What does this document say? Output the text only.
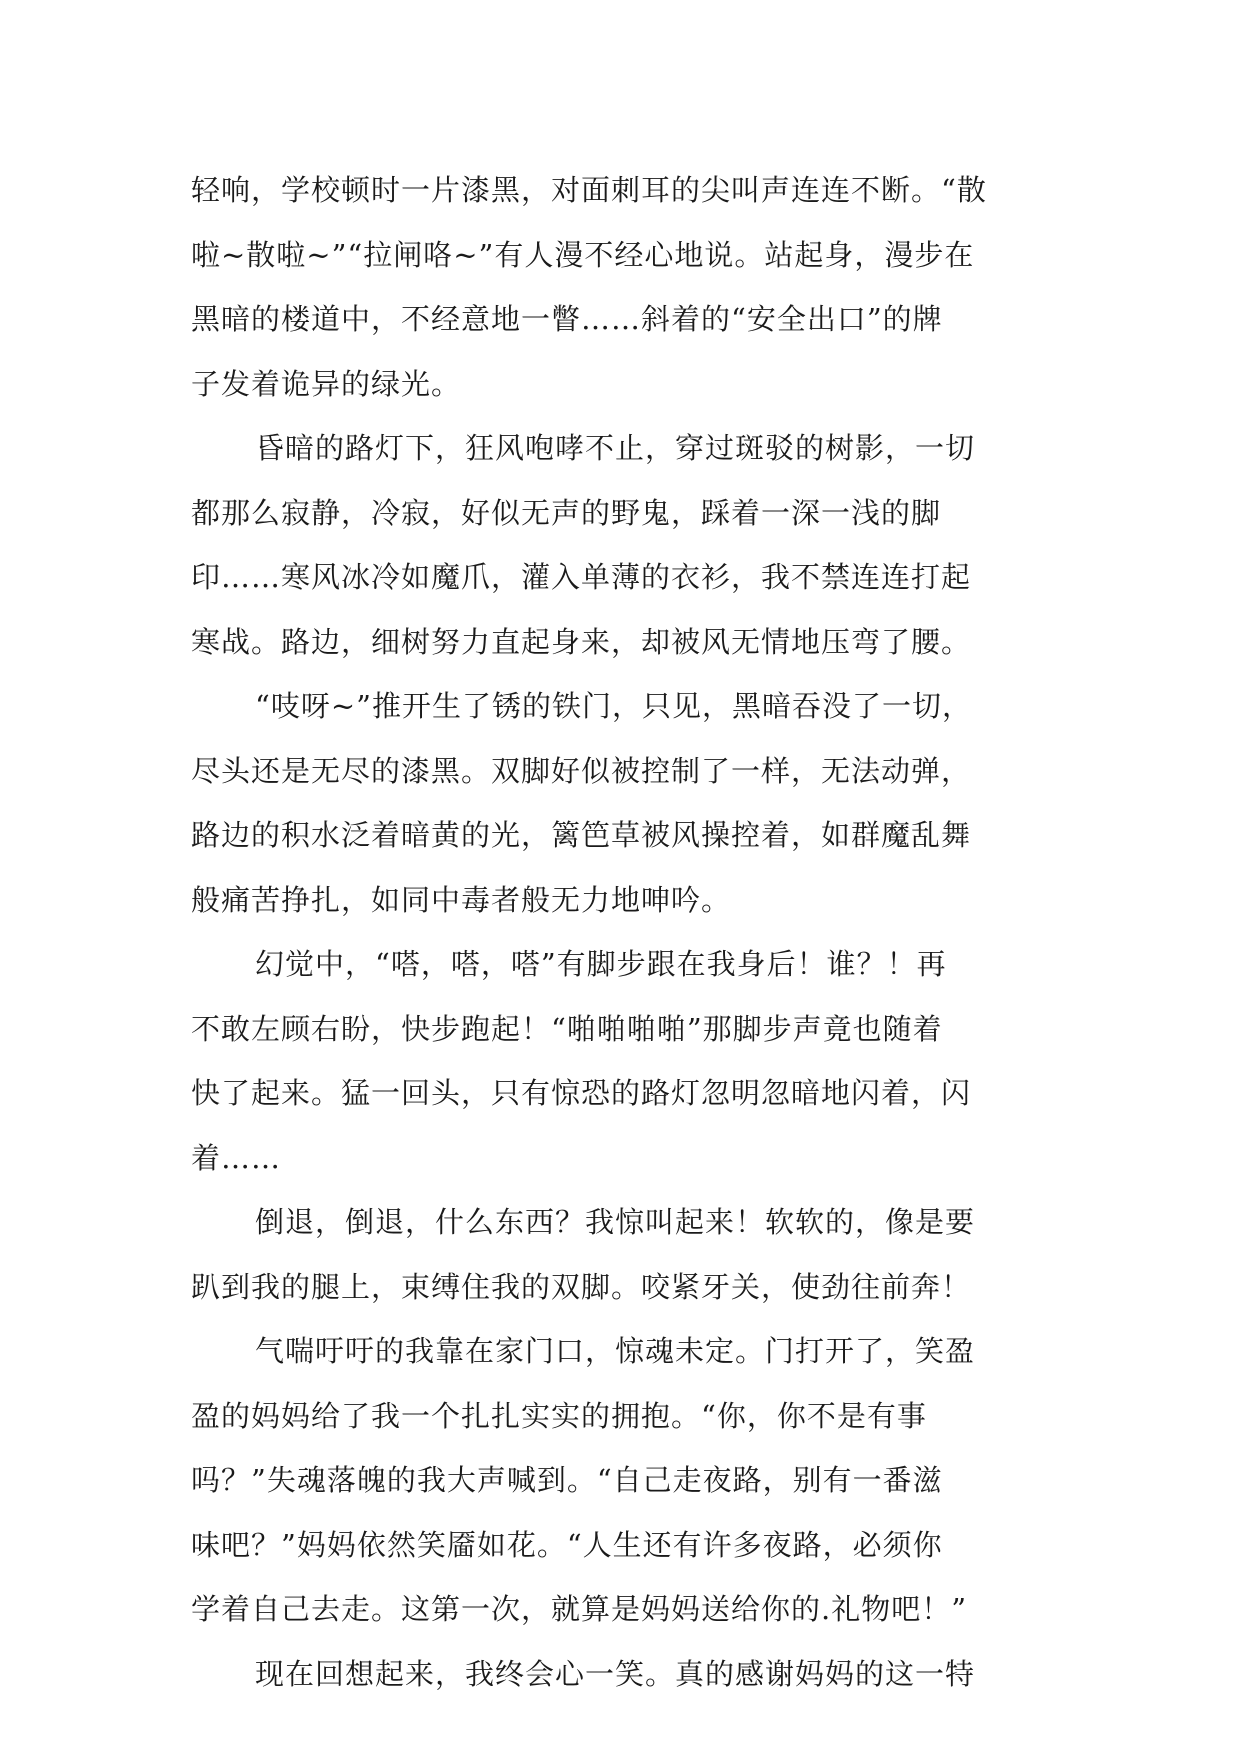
轻响，学校顿时一片漆黑，对面刺耳的尖叫声连连不断。“散
啦~散啦~”“拉闸咯~”有人漫不经心地说。站起身，漫步在
黑暗的楼道中，不经意地一瞥……斜着的“安全出口”的牌
子发着诡异的绿光。
昏暗的路灯下，狂风咆哮不止，穿过斑驳的树影，一切
都那么寂静，冷寂，好似无声的野鬼，踩着一深一浅的脚
印……寒风冰冷如魔爪，灌入单薄的衣衫，我不禁连连打起
寒战。路边，细树努力直起身来，却被风无情地压弯了腰。
“吱呀~”推开生了锈的铁门，只见，黑暗吞没了一切，
尽头还是无尽的漆黑。双脚好似被控制了一样，无法动弹，
路边的积水泛着暗黄的光，篱笆草被风操控着，如群魔乱舞
般痛苦挣扎，如同中毒者般无力地呻吟。
幻觉中，“嗒，嗒，嗒”有脚步跟在我身后！谁？！再
不敢左顾右盼，快步跑起！“啪啪啪啪”那脚步声竟也随着
快了起来。猛一回头，只有惊恐的路灯忽明忽暗地闪着，闪
着……
倒退，倒退，什么东西？我惊叫起来！软软的，像是要
趴到我的腿上，束缚住我的双脚。咬紧牙关，使劲往前奔！
气喘吁吁的我靠在家门口，惊魂未定。门打开了，笑盈
盈的妈妈给了我一个扎扎实实的拥抱。“你，你不是有事
吗？”失魂落魄的我大声喊到。“自己走夜路，别有一番滋
味吧？”妈妈依然笑靥如花。“人生还有许多夜路，必须你
学着自己去走。这第一次，就算是妈妈送给你的.礼物吧！”
现在回想起来，我终会心一笑。真的感谢妈妈的这一特
